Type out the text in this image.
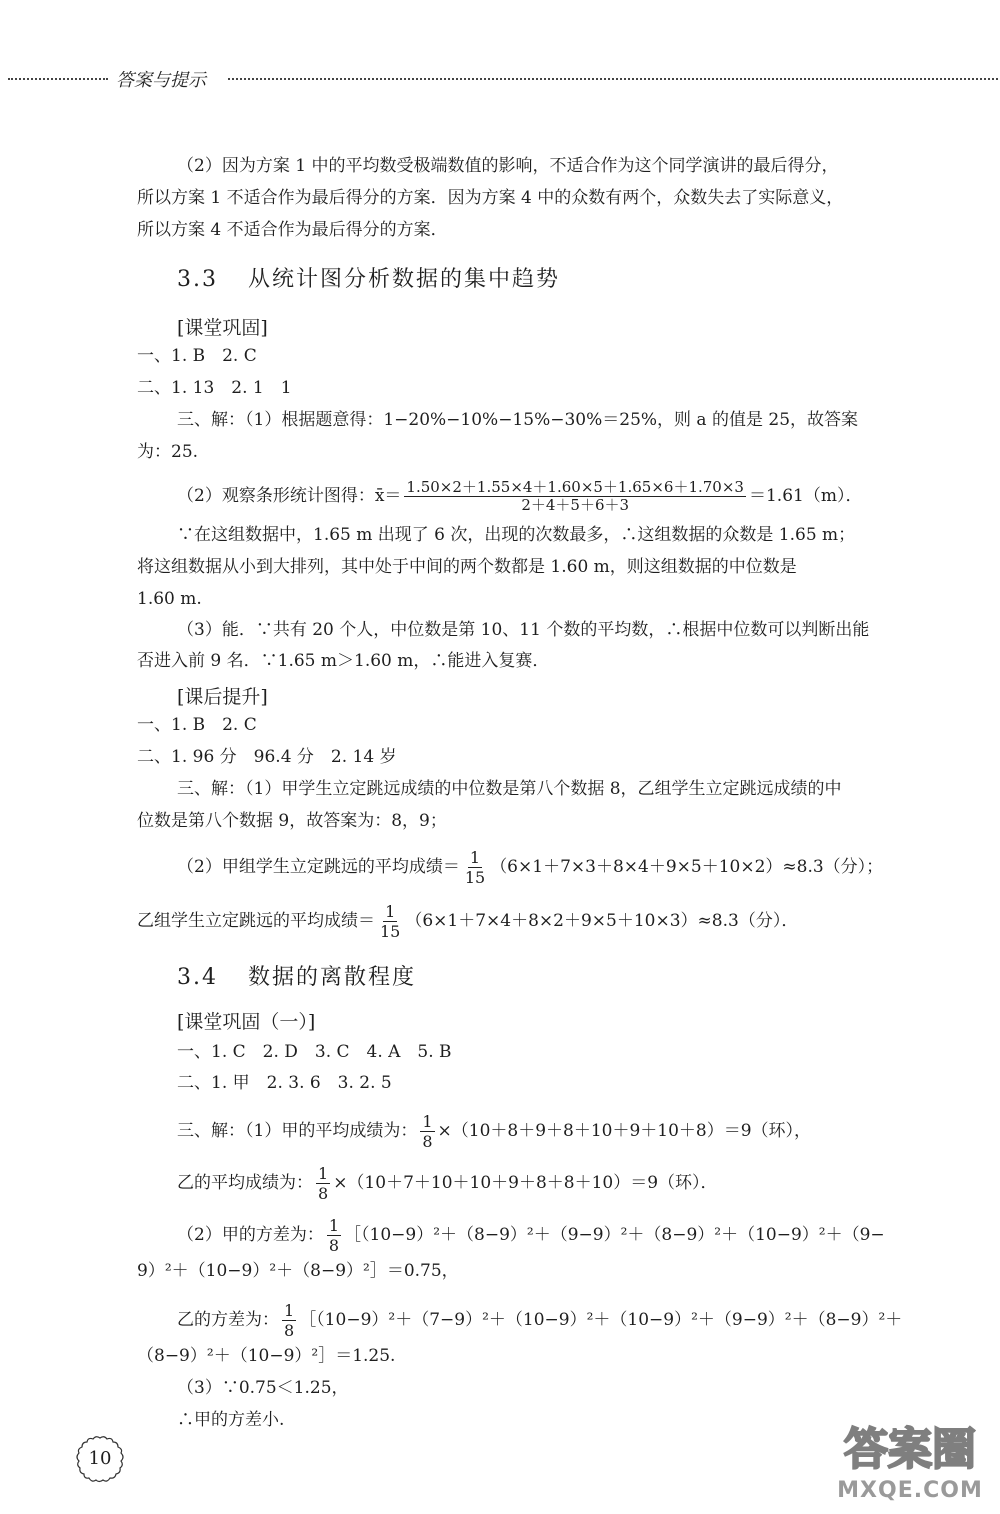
答案与提示
（2）因为方案 1 中的平均数受极端数值的影响，不适合作为这个同学演讲的最后得分，
所以方案 1 不适合作为最后得分的方案．因为方案 4 中的众数有两个，众数失去了实际意义，
所以方案 4 不适合作为最后得分的方案．
3.3 从统计图分析数据的集中趋势
[课堂巩固]
一、1. B　2. C
二、1. 13　2. 1　1
三、解：（1）根据题意得：1−20%−10%−15%−30%＝25%，则 a 的值是 25，故答案
为：25.
（2）观察条形统计图得：x̄＝ $\frac{1.50\times 2+1.55\times 4+1.60\times 5+1.65\times 6+1.70\times 3}{2+4+5+6+3} =1.61(m)$．
∵在这组数据中，1.65 m 出现了 6 次，出现的次数最多，∴这组数据的众数是 1.65 m；
将这组数据从小到大排列，其中处于中间的两个数都是 1.60 m，则这组数据的中位数是
1.60 m.
（3）能．∵共有 20 个人，中位数是第 10、11 个数的平均数，∴根据中位数可以判断出能
否进入前 9 名．∵1.65 m＞1.60 m，∴能进入复赛．
[课后提升]
一、1. B　2. C
二、1. 96 分　96.4 分　2. 14 岁
三、解：（1）甲学生立定跳远成绩的中位数是第八个数据 8，乙组学生立定跳远成绩的中
位数是第八个数据 9，故答案为：8，9；
（2）甲组学生立定跳远的平均成绩＝ $\frac{1}{15} (6\times 1+7\times 3+8\times 4+9\times 5+10\times 2)\approx 8.3$（分）；
乙组学生立定跳远的平均成绩＝ $\frac{1}{15} (6\times 1+7\times 4+8\times 2+9\times 5+10\times 3)\approx 8.3$（分）．
3.4 数据的离散程度
[课堂巩固（一）]
一、1. C　2. D　3. C　4. A　5. B
二、1. 甲　2. 3. 6　3. 2. 5
三、解：（1）甲的平均成绩为： $\frac{1}{8} \times(10+8+9+8+10+9+10+8)=9$（环），
乙的平均成绩为： $\frac{1}{8} \times(10+7+10+10+9+8+8+10)=9$（环）．
（2）甲的方差为： $\frac{1}{8}$ ［（10−9）²＋（8−9）²＋（9−9）²＋（8−9）²＋（10−9）²＋（9−
9）²＋（10−9）²＋（8−9）²］＝0.75，
乙的方差为： $\frac{1}{8}$ ［（10−9）²＋（7−9）²＋（10−9）²＋（10−9）²＋（9−9）²＋（8−9）²＋
（8−9）²＋（10−9）²］＝1.25.
（3）∵0.75＜1.25，
∴甲的方差小.
10	答案圈
MXQE.COM
